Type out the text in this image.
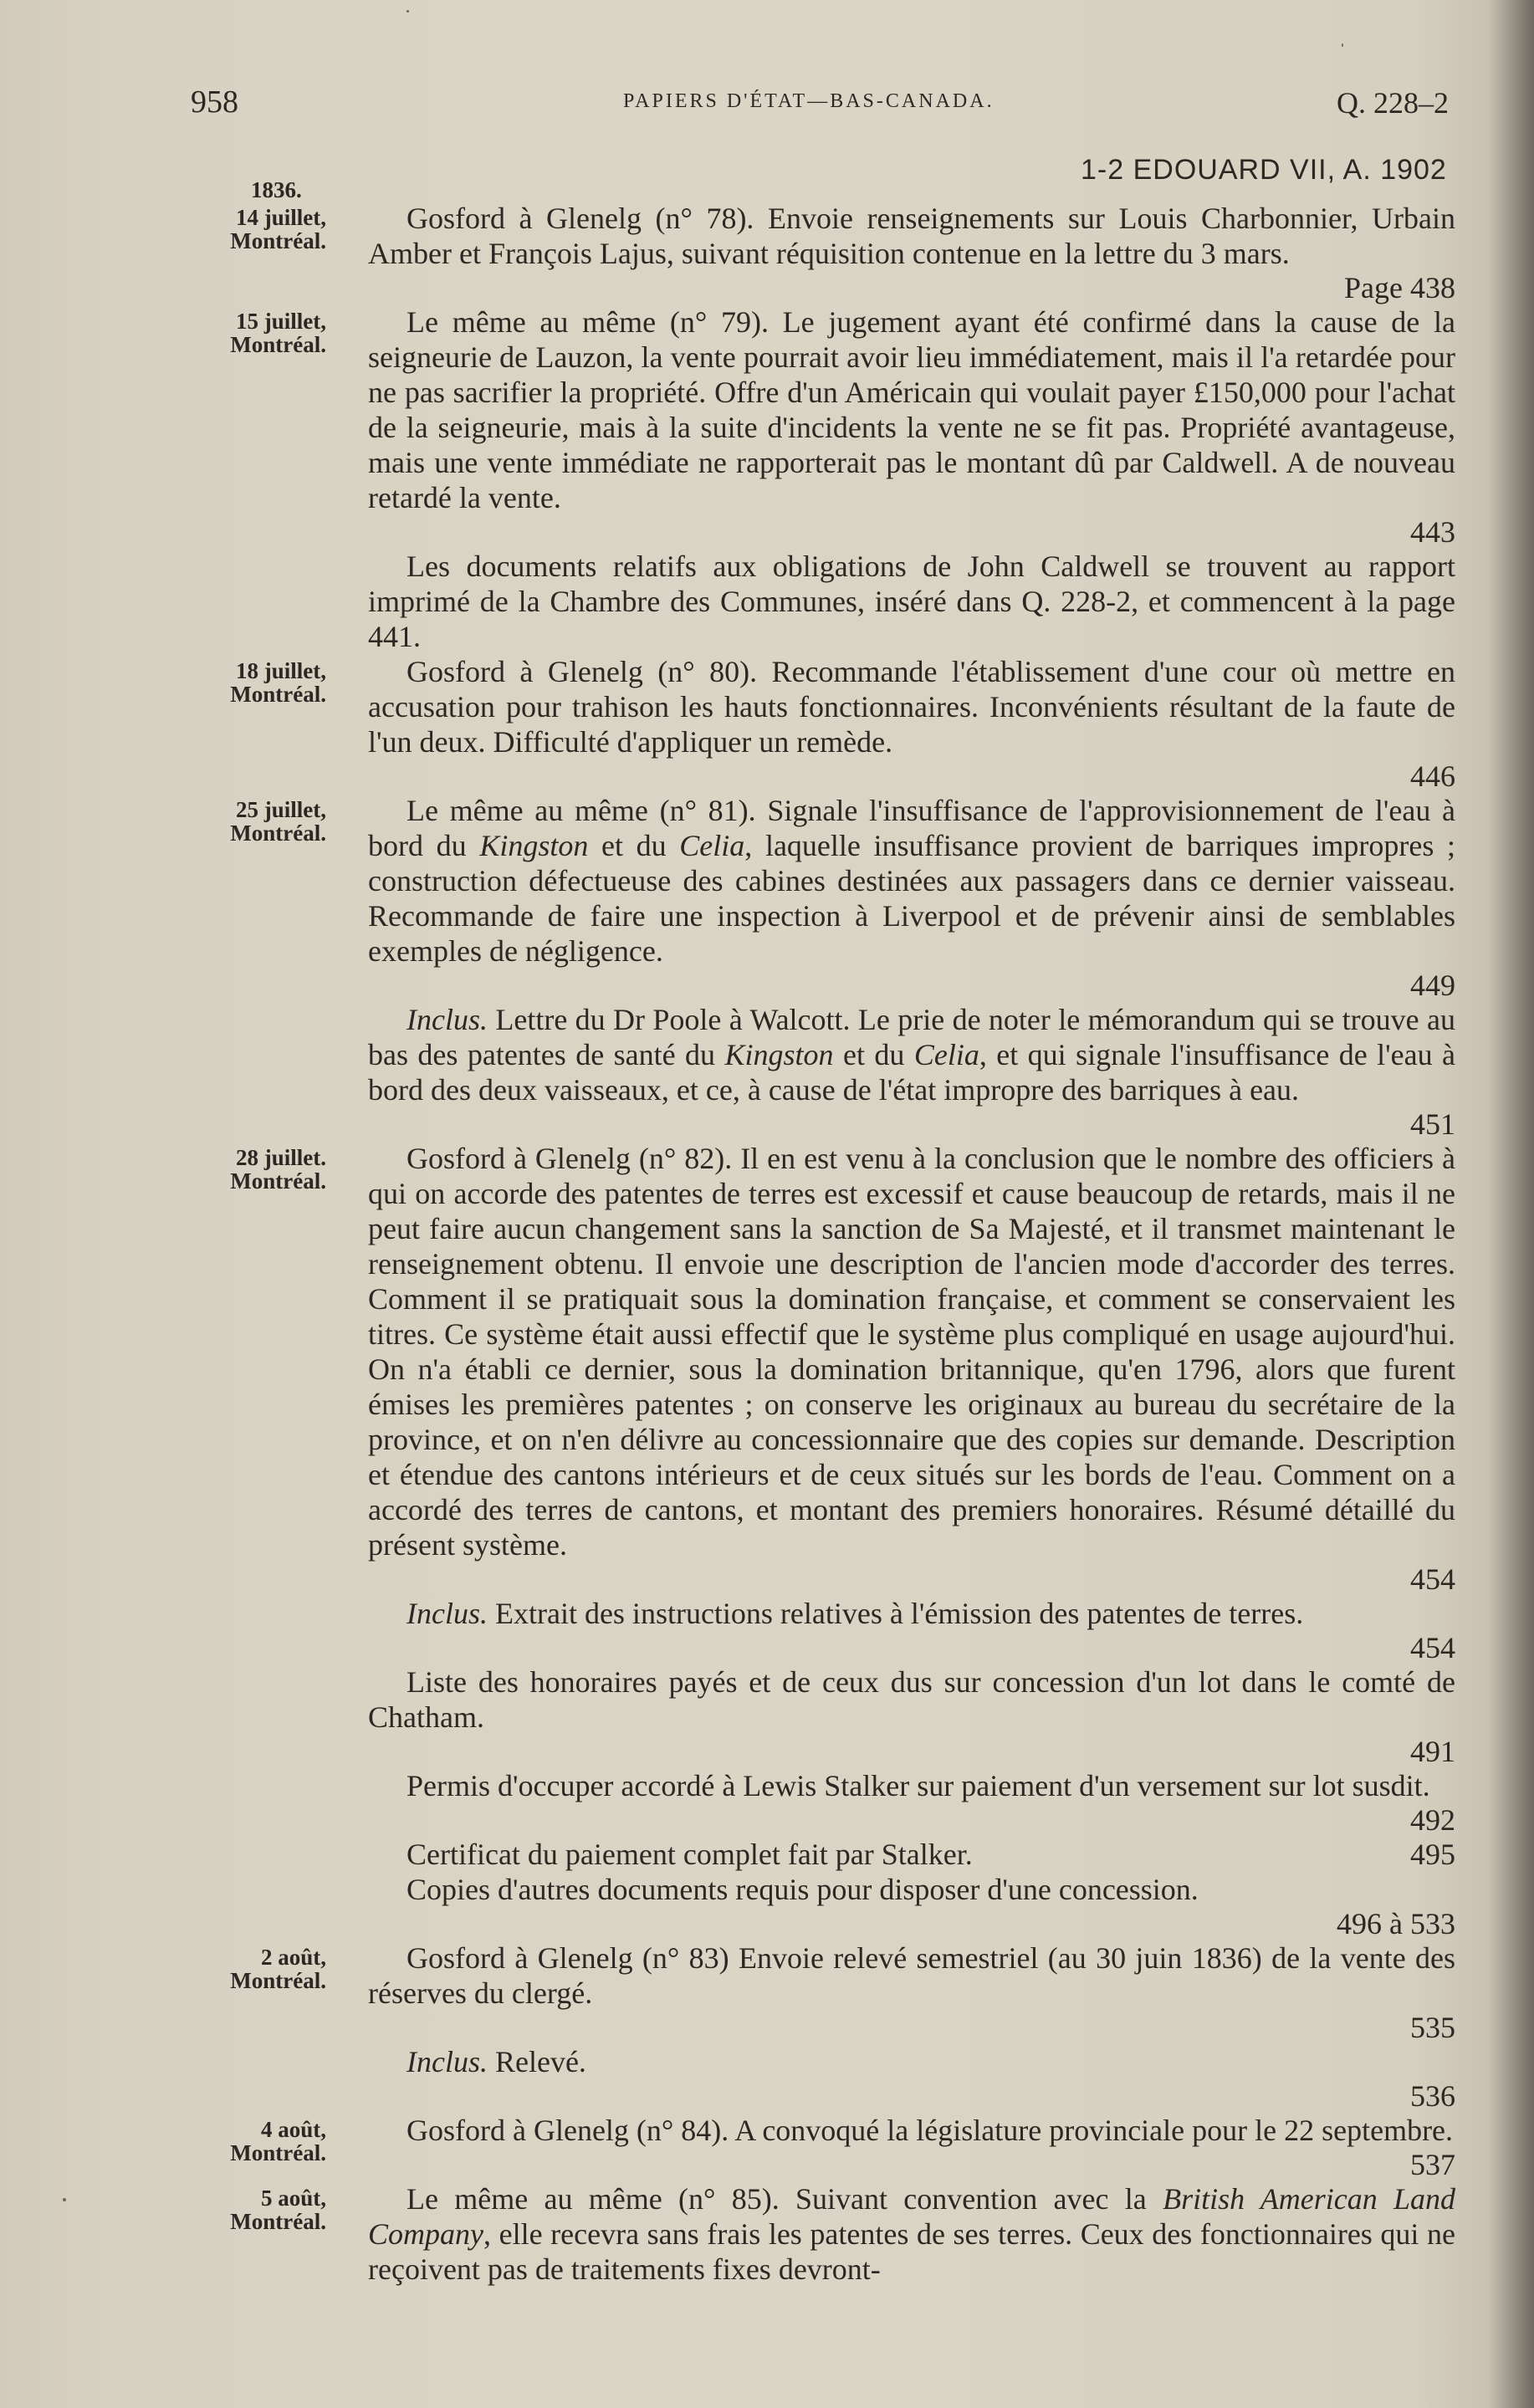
958	PAPIERS D'ÉTAT—BAS-CANADA.	Q. 228–2
1-2 EDOUARD VII, A. 1902
1836.
14 juillet,
Montréal.
Gosford à Glenelg (n° 78). Envoie renseignements sur Louis Charbonnier, Urbain Amber et François Lajus, suivant réquisition contenue en la lettre du 3 mars.
Page 438
15 juillet,
Montréal.
Le même au même (n° 79). Le jugement ayant été confirmé dans la cause de la seigneurie de Lauzon, la vente pourrait avoir lieu immédiatement, mais il l'a retardée pour ne pas sacrifier la propriété. Offre d'un Américain qui voulait payer £150,000 pour l'achat de la seigneurie, mais à la suite d'incidents la vente ne se fit pas. Propriété avantageuse, mais une vente immédiate ne rapporterait pas le montant dû par Caldwell. A de nouveau retardé la vente.
443
Les documents relatifs aux obligations de John Caldwell se trouvent au rapport imprimé de la Chambre des Communes, inséré dans Q. 228-2, et commencent à la page 441.
18 juillet,
Montréal.
Gosford à Glenelg (n° 80). Recommande l'établissement d'une cour où mettre en accusation pour trahison les hauts fonctionnaires. Inconvénients résultant de la faute de l'un deux. Difficulté d'appliquer un remède.
446
25 juillet,
Montréal.
Le même au même (n° 81). Signale l'insuffisance de l'approvisionnement de l'eau à bord du Kingston et du Celia, laquelle insuffisance provient de barriques impropres ; construction défectueuse des cabines destinées aux passagers dans ce dernier vaisseau. Recommande de faire une inspection à Liverpool et de prévenir ainsi de semblables exemples de négligence.
449
Inclus. Lettre du Dr Poole à Walcott. Le prie de noter le mémorandum qui se trouve au bas des patentes de santé du Kingston et du Celia, et qui signale l'insuffisance de l'eau à bord des deux vaisseaux, et ce, à cause de l'état impropre des barriques à eau.
451
28 juillet.
Montréal.
Gosford à Glenelg (n° 82). Il en est venu à la conclusion que le nombre des officiers à qui on accorde des patentes de terres est excessif et cause beaucoup de retards, mais il ne peut faire aucun changement sans la sanction de Sa Majesté, et il transmet maintenant le renseignement obtenu. Il envoie une description de l'ancien mode d'accorder des terres. Comment il se pratiquait sous la domination française, et comment se conservaient les titres. Ce système était aussi effectif que le système plus compliqué en usage aujourd'hui. On n'a établi ce dernier, sous la domination britannique, qu'en 1796, alors que furent émises les premières patentes ; on conserve les originaux au bureau du secrétaire de la province, et on n'en délivre au concessionnaire que des copies sur demande. Description et étendue des cantons intérieurs et de ceux situés sur les bords de l'eau. Comment on a accordé des terres de cantons, et montant des premiers honoraires. Résumé détaillé du présent système.
454
Inclus. Extrait des instructions relatives à l'émission des patentes de terres.
454
Liste des honoraires payés et de ceux dus sur concession d'un lot dans le comté de Chatham.
491
Permis d'occuper accordé à Lewis Stalker sur paiement d'un versement sur lot susdit.
492
495
Certificat du paiement complet fait par Stalker.
Copies d'autres documents requis pour disposer d'une concession.
496 à 533
2 août,
Montréal.
Gosford à Glenelg (n° 83) Envoie relevé semestriel (au 30 juin 1836) de la vente des réserves du clergé.
535
Inclus. Relevé.
536
4 août,
Montréal.
Gosford à Glenelg (n° 84). A convoqué la législature provinciale pour le 22 septembre.
537
5 août,
Montréal.
Le même au même (n° 85). Suivant convention avec la British American Land Company, elle recevra sans frais les patentes de ses terres. Ceux des fonctionnaires qui ne reçoivent pas de traitements fixes devront-
